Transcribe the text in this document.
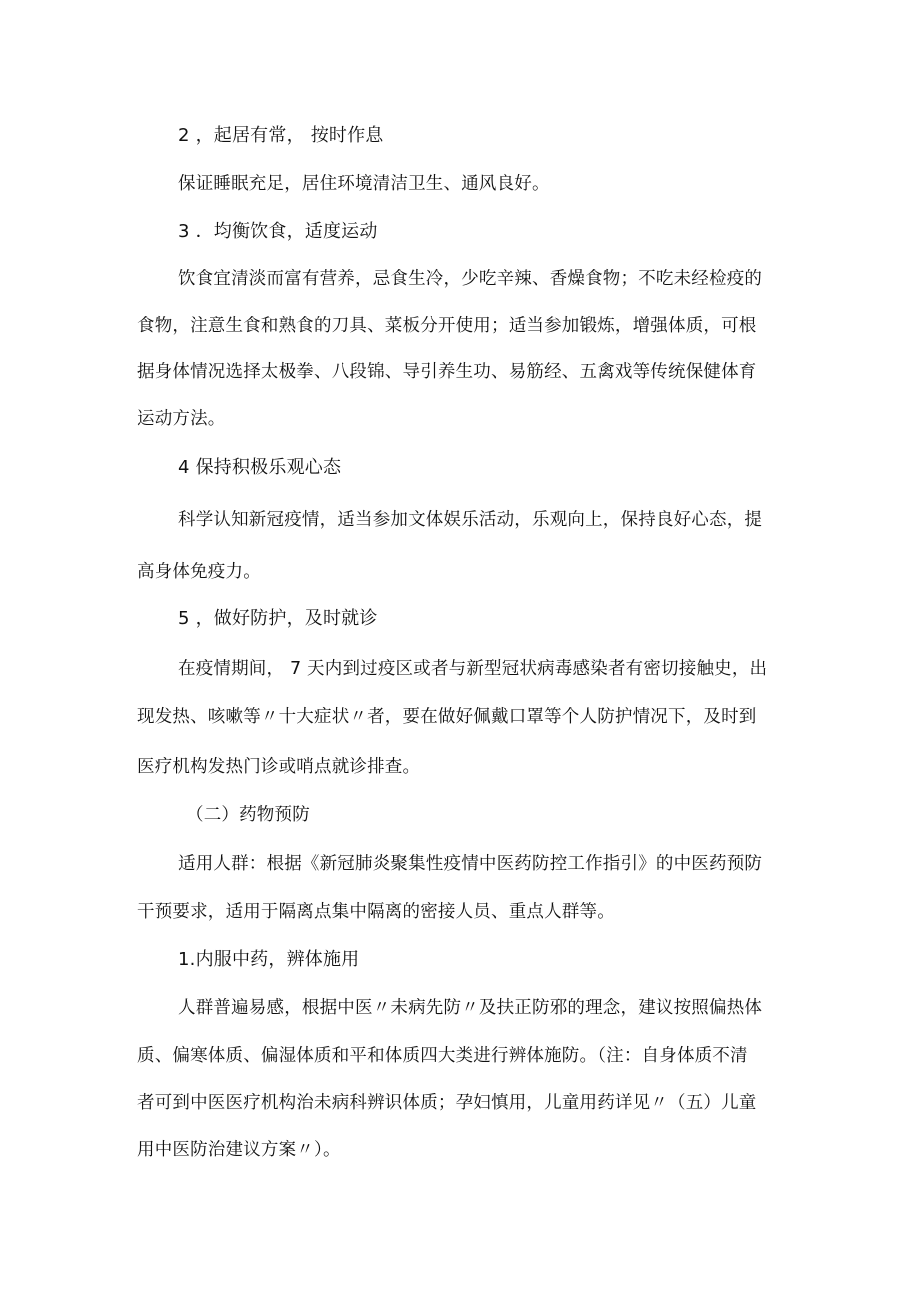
2 ，起居有常， 按时作息
保证睡眠充足，居住环境清洁卫生、通风良好。
3 ．均衡饮食，适度运动
饮食宜清淡而富有营养，忌食生冷，少吃辛辣、香燥食物；不吃未经检疫的
食物，注意生食和熟食的刀具、菜板分开使用；适当参加锻炼，增强体质，可根
据身体情况选择太极拳、八段锦、导引养生功、易筋经、五禽戏等传统保健体育
运动方法。
4 保持积极乐观心态
科学认知新冠疫情，适当参加文体娱乐活动，乐观向上，保持良好心态，提
高身体免疫力。
5 ，做好防护，及时就诊
在疫情期间， 7 天内到过疫区或者与新型冠状病毒感染者有密切接触史，出
现发热、咳嗽等〃十大症状〃者，要在做好佩戴口罩等个人防护情况下，及时到
医疗机构发热门诊或哨点就诊排查。
（二）药物预防
适用人群：根据《新冠肺炎聚集性疫情中医药防控工作指引》的中医药预防
干预要求，适用于隔离点集中隔离的密接人员、重点人群等。
1.内服中药，辨体施用
人群普遍易感，根据中医〃未病先防〃及扶正防邪的理念，建议按照偏热体
质、偏寒体质、偏湿体质和平和体质四大类进行辨体施防。（注：自身体质不清
者可到中医医疗机构治未病科辨识体质；孕妇慎用，儿童用药详见〃（五）儿童
用中医防治建议方案〃）。
